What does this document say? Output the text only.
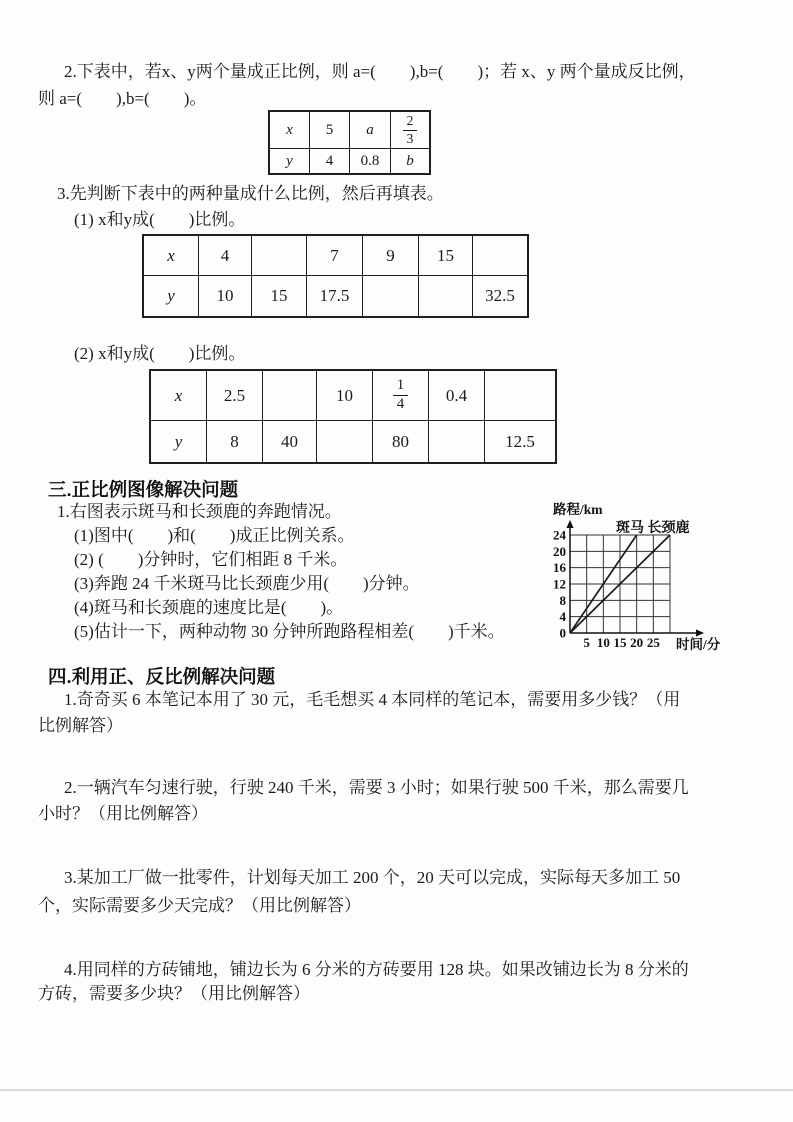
2.下表中，若x、y两个量成正比例，则 a=(　　),b=(　　)；若 x、y 两个量成反比例，
则 a=(　　),b=(　　)。
x	5	a	$\frac{2}{3}$

y	4	0.8	b
3.先判断下表中的两种量成什么比例，然后再填表。
(1) x和y成(　　)比例。
x	4		7	9	15	
y	10	15	17.5			32.5
(2) x和y成(　　)比例。
x	2.5		10	$\frac{1}{4}$	0.4	
y	8	40		80		12.5
三.正比例图像解决问题
1.右图表示斑马和长颈鹿的奔跑情况。
(1)图中(　　)和(　　)成正比例关系。
(2) (　　)分钟时，它们相距 8 千米。
(3)奔跑 24 千米斑马比长颈鹿少用(　　)分钟。
(4)斑马和长颈鹿的速度比是(　　)。
(5)估计一下，两种动物 30 分钟所跑路程相差(　　)千米。	0
4
8
12
16
20
24
5 10 15 20 25
路程/km
时间/分
斑马 长颈鹿
四.利用正、反比例解决问题
1.奇奇买 6 本笔记本用了 30 元，毛毛想买 4 本同样的笔记本，需要用多少钱？（用
比例解答）
2.一辆汽车匀速行驶，行驶 240 千米，需要 3 小时；如果行驶 500 千米，那么需要几
小时？（用比例解答）
3.某加工厂做一批零件，计划每天加工 200 个，20 天可以完成，实际每天多加工 50
个，实际需要多少天完成？（用比例解答）
4.用同样的方砖铺地，铺边长为 6 分米的方砖要用 128 块。如果改铺边长为 8 分米的
方砖，需要多少块？（用比例解答）
